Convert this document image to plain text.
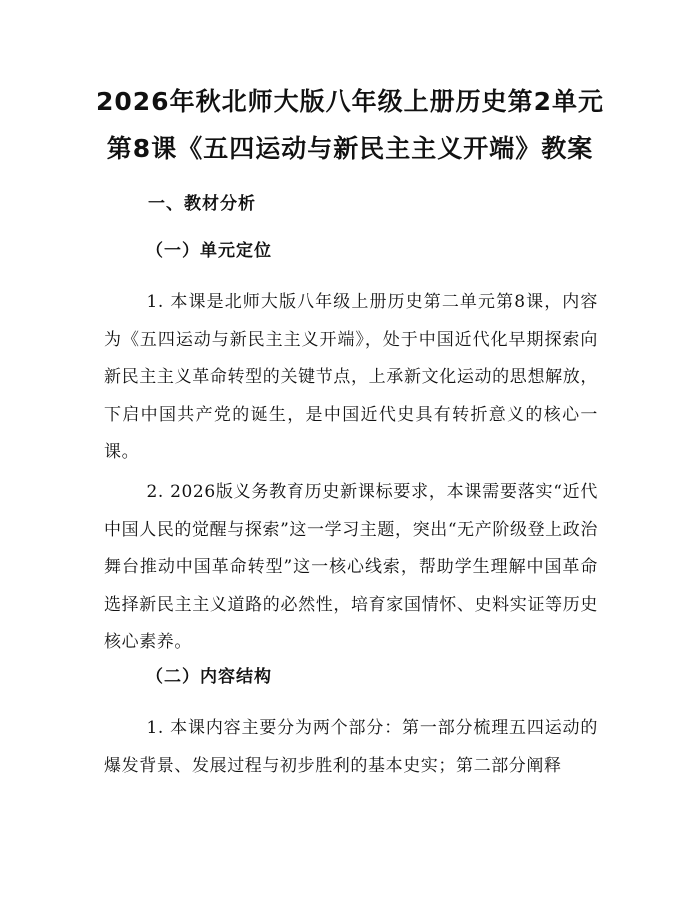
2026年秋北师大版八年级上册历史第2单元
第8课《五四运动与新民主主义开端》教案
一、教材分析
（一）单元定位

1. 本课是北师大版八年级上册历史第二单元第8课，内容为《五四运动与新民主主义开端》，处于中国近代化早期探索向新民主主义革命转型的关键节点，上承新文化运动的思想解放，下启中国共产党的诞生，是中国近代史具有转折意义的核心一课。

2. 2026版义务教育历史新课标要求，本课需要落实“近代中国人民的觉醒与探索”这一学习主题，突出“无产阶级登上政治舞台推动中国革命转型”这一核心线索，帮助学生理解中国革命选择新民主主义道路的必然性，培育家国情怀、史料实证等历史核心素养。

（二）内容结构

1. 本课内容主要分为两个部分：第一部分梳理五四运动的爆发背景、发展过程与初步胜利的基本史实；第二部分阐释
